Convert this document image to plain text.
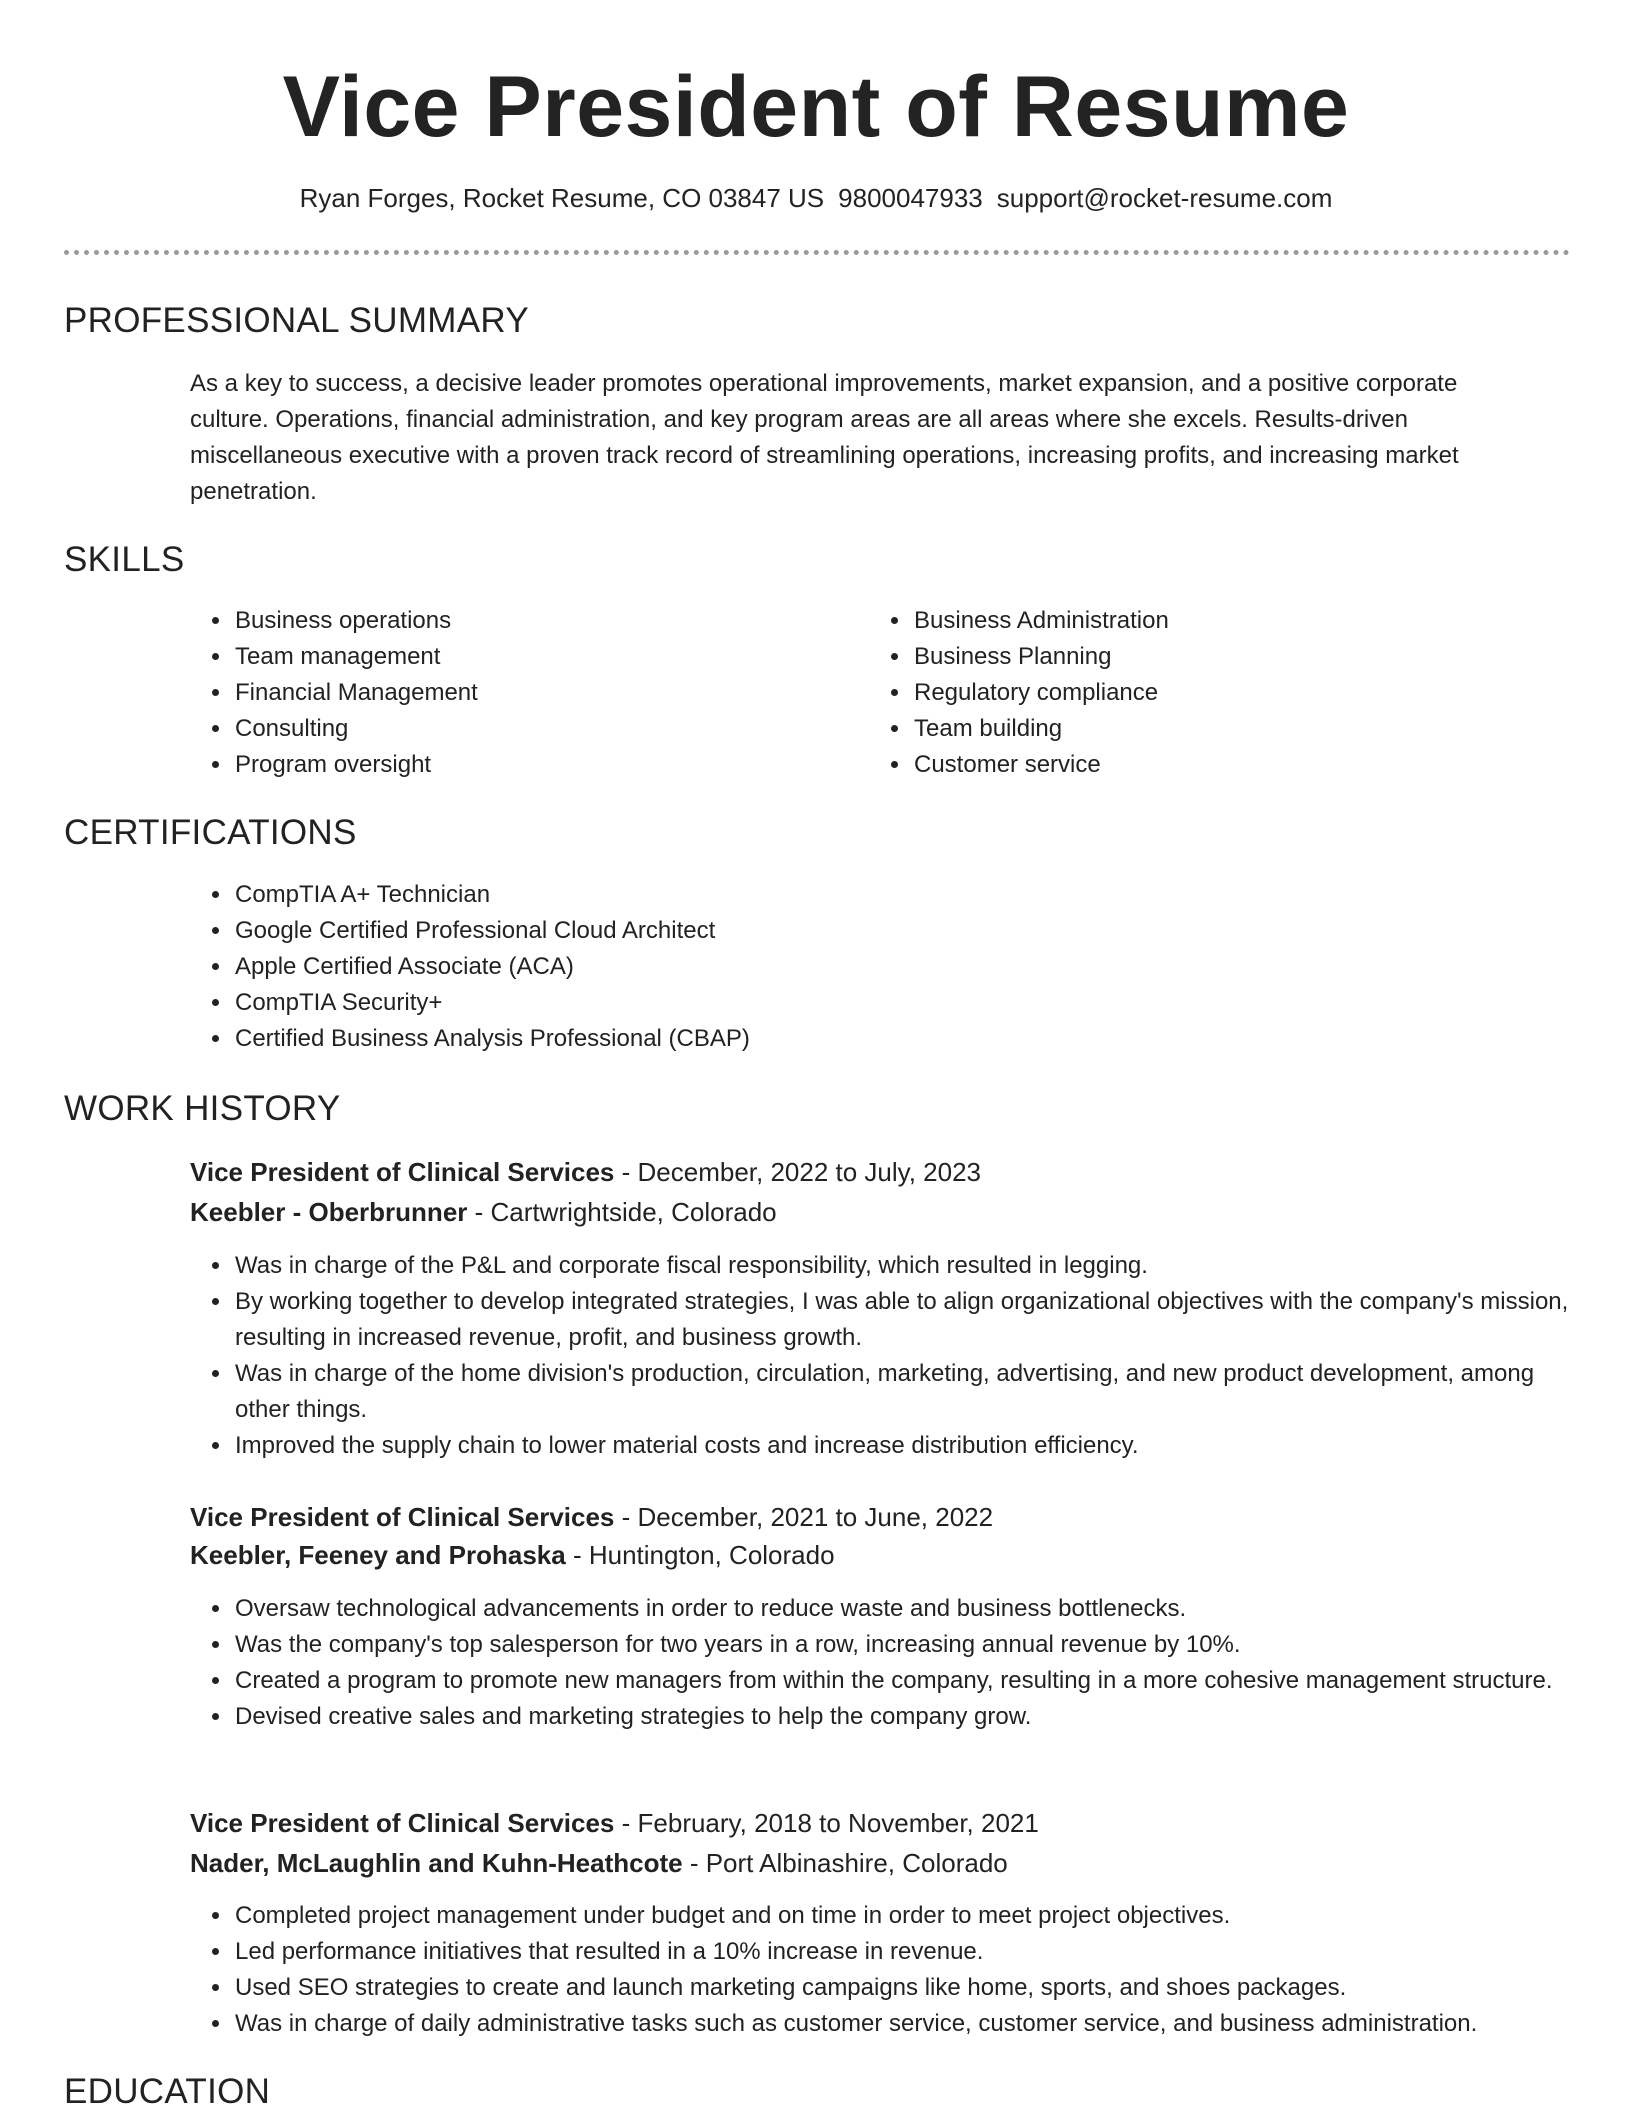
Vice President of Resume
Ryan Forges, Rocket Resume, CO 03847 US 9800047933 support@rocket-resume.com
PROFESSIONAL SUMMARY

As a key to success, a decisive leader promotes operational improvements, market expansion, and a positive corporate culture. Operations, financial administration, and key program areas are all areas where she excels. Results-driven miscellaneous executive with a proven track record of streamlining operations, increasing profits, and increasing market penetration.

SKILLS
• Business operations
• Team management
• Financial Management
• Consulting
• Program oversight
• Business Administration
• Business Planning
• Regulatory compliance
• Team building
• Customer service
CERTIFICATIONS
• CompTIA A+ Technician
• Google Certified Professional Cloud Architect
• Apple Certified Associate (ACA)
• CompTIA Security+
• Certified Business Analysis Professional (CBAP)
WORK HISTORY

Vice President of Clinical Services - December, 2022 to July, 2023

Keebler - Oberbrunner - Cartwrightside, Colorado

• Was in charge of the P&L and corporate fiscal responsibility, which resulted in legging.
• By working together to develop integrated strategies, I was able to align organizational objectives with the company's mission, resulting in increased revenue, profit, and business growth.
• Was in charge of the home division's production, circulation, marketing, advertising, and new product development, among other things.
• Improved the supply chain to lower material costs and increase distribution efficiency.

Vice President of Clinical Services - December, 2021 to June, 2022

Keebler, Feeney and Prohaska - Huntington, Colorado

• Oversaw technological advancements in order to reduce waste and business bottlenecks.
• Was the company's top salesperson for two years in a row, increasing annual revenue by 10%.
• Created a program to promote new managers from within the company, resulting in a more cohesive management structure.
• Devised creative sales and marketing strategies to help the company grow.

Vice President of Clinical Services - February, 2018 to November, 2021

Nader, McLaughlin and Kuhn-Heathcote - Port Albinashire, Colorado

• Completed project management under budget and on time in order to meet project objectives.
• Led performance initiatives that resulted in a 10% increase in revenue.
• Used SEO strategies to create and launch marketing campaigns like home, sports, and shoes packages.
• Was in charge of daily administrative tasks such as customer service, customer service, and business administration.
EDUCATION
